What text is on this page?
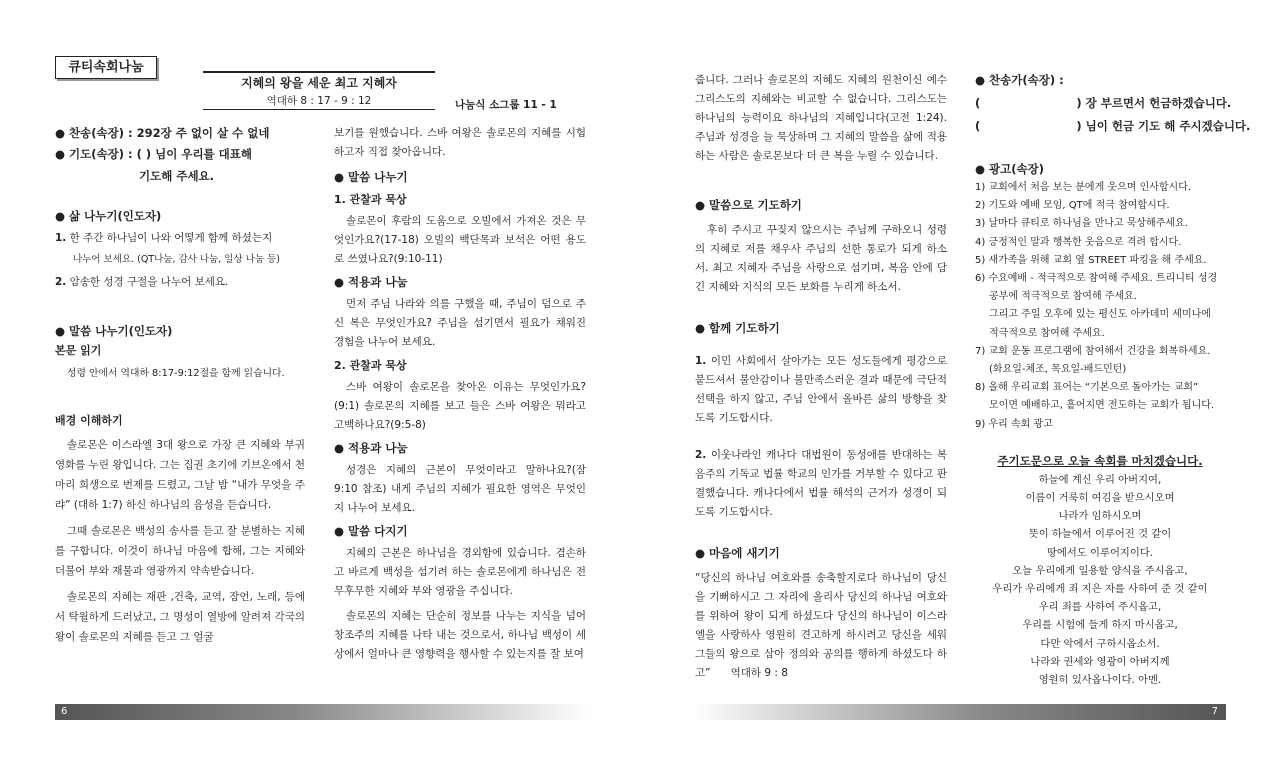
큐티속회나눔
지혜의 왕을 세운 최고 지혜자
역대하 8 : 17 - 9 : 12	나눔식 소그룹 11 - 1

● 찬송(속장) : 292장 주 없이 살 수 없네

● 기도(속장) : ( ) 님이 우리를 대표해

기도해 주세요.

● 삶 나누기(인도자)

1. 한 주간 하나님이 나와 어떻게 함께 하셨는지

나누어 보세요. (QT나눔, 감사 나눔, 일상 나눔 등)

2. 암송한 성경 구절을 나누어 보세요.

● 말씀 나누기(인도자)

본문 읽기

성령 안에서 역대하 8:17-9:12절을 함께 읽습니다.

배경 이해하기

솔로몬은 이스라엘 3대 왕으로 가장 큰 지혜와 부귀영화를 누린 왕입니다. 그는 집권 초기에 기브온에서 천 마리 희생으로 번제를 드렸고, 그날 밤 “내가 무엇을 주랴” (대하 1:7) 하신 하나님의 음성을 듣습니다.

그때 솔로몬은 백성의 송사를 듣고 잘 분별하는 지혜를 구합니다. 이것이 하나님 마음에 합해, 그는 지혜와 더불어 부와 재물과 영광까지 약속받습니다.

솔로몬의 지혜는 재판 ,건축, 교역, 잠언, 노래, 등에서 탁월하게 드러났고, 그 명성이 열방에 알려져 각국의 왕이 솔로몬의 지혜를 듣고 그 얼굴

보기를 원했습니다. 스바 여왕은 솔로몬의 지혜를 시험하고자 직접 찾아옵니다.

● 말씀 나누기

1. 관찰과 묵상

솔로몬이 후람의 도움으로 오빌에서 가져온 것은 무엇인가요?(17-18) 오빌의 백단목과 보석은 어떤 용도로 쓰였나요?(9:10-11)

● 적용과 나눔

먼저 주님 나라와 의를 구했을 때, 주님이 덤으로 주신 복은 무엇인가요? 주님을 섬기면서 필요가 채워진 경험을 나누어 보세요.

2. 관찰과 묵상

스바 여왕이 솔로몬을 찾아온 이유는 무엇인가요?(9:1) 솔로몬의 지혜를 보고 들은 스바 여왕은 뭐라고 고백하나요?(9:5-8)

● 적용과 나눔

성경은 지혜의 근본이 무엇이라고 말하나요?(잠 9:10 참조) 내게 주님의 지혜가 필요한 영역은 무엇인지 나누어 보세요.

● 말씀 다지기

지혜의 근본은 하나님을 경외함에 있습니다. 겸손하고 바르게 백성을 섬기려 하는 솔로몬에게 하나님은 전무후무한 지혜와 부와 영광을 주십니다.

솔로몬의 지혜는 단순히 정보를 나누는 지식을 넘어 창조주의 지혜를 나타 내는 것으로서, 하나님 백성이 세상에서 얼마나 큰 영향력을 행사할 수 있는지를 잘 보여

6

줍니다. 그러나 솔로몬의 지혜도 지혜의 원천이신 예수 그리스도의 지혜와는 비교할 수 없습니다. 그리스도는 하나님의 능력이요 하나님의 지혜입니다(고전 1:24). 주님과 성경을 늘 묵상하며 그 지혜의 말씀을 삶에 적용하는 사람은 솔로몬보다 더 큰 복을 누릴 수 있습니다.

● 말씀으로 기도하기

후히 주시고 꾸짖지 않으시는 주님께 구하오니 성령의 지혜로 저를 채우사 주님의 선한 통로가 되게 하소서. 최고 지혜자 주님을 사랑으로 섬기며, 복음 안에 담긴 지혜와 지식의 모든 보화를 누리게 하소서.

● 함께 기도하기

1. 이민 사회에서 살아가는 모든 성도들에게 평강으로 붙드셔서 불안감이나 불만족스러운 결과 때문에 극단적 선택을 하지 않고, 주님 안에서 올바른 삶의 방향을 찾도록 기도합시다.

2. 이웃나라인 캐나다 대법원이 동성애를 반대하는 복음주의 기독교 법률 학교의 인가를 거부할 수 있다고 판결했습니다. 캐나다에서 법률 해석의 근거가 성경이 되도록 기도합시다.

● 마음에 새기기

“당신의 하나님 여호와를 송축할지로다 하나님이 당신을 기뻐하시고 그 자리에 올리사 당신의 하나님 여호와를 위하여 왕이 되게 하셨도다 당신의 하나님이 이스라엘을 사랑하사 영원히 견고하게 하시려고 당신을 세워 그들의 왕으로 삼아 정의와 공의를 행하게 하셨도다 하고” 역대하 9 : 8

● 찬송가(속장) :

(                        ) 장 부르면서 헌금하겠습니다.

(                        ) 님이 헌금 기도 해 주시겠습니다.

● 광고(속장)

1) 교회에서 처음 보는 분에게 웃으며 인사합시다.

2) 기도와 예배 모임, QT에 적극 참여합시다.

3) 날마다 큐티로 하나님을 만나고 묵상해주세요.

4) 긍정적인 말과 행복한 웃음으로 격려 합시다.

5) 새가족을 위해 교회 옆 STREET 파킹을 해 주세요.

6) 수요예배 - 적극적으로 참여해 주세요. 트리니티 성경

공부에 적극적으로 참여해 주세요.

그리고 주일 오후에 있는 평신도 아카데미 세미나에

적극적으로 참여해 주세요.

7) 교회 운동 프로그램에 참여해서 건강을 회복하세요.

(화요일-체조, 목요일-배드민턴)

8) 올해 우리교회 표어는 “기본으로 돌아가는 교회”

모이면 예배하고, 흩어지면 전도하는 교회가 됩니다.

9) 우리 속회 광고

주기도문으로 오늘 속회를 마치겠습니다.

하늘에 계신 우리 아버지여,

이름이 거룩히 여김을 받으시오며

나라가 임하시오며

뜻이 하늘에서 이루어진 것 같이

땅에서도 이루어지이다.

오늘 우리에게 일용할 양식을 주시옵고,

우리가 우리에게 죄 지은 자를 사하여 준 것 같이

우리 죄를 사하여 주시옵고,

우리를 시험에 들게 하지 마시옵고,

다만 악에서 구하시옵소서.

나라와 권세와 영광이 아버지께

영원히 있사옵나이다. 아멘.

7
